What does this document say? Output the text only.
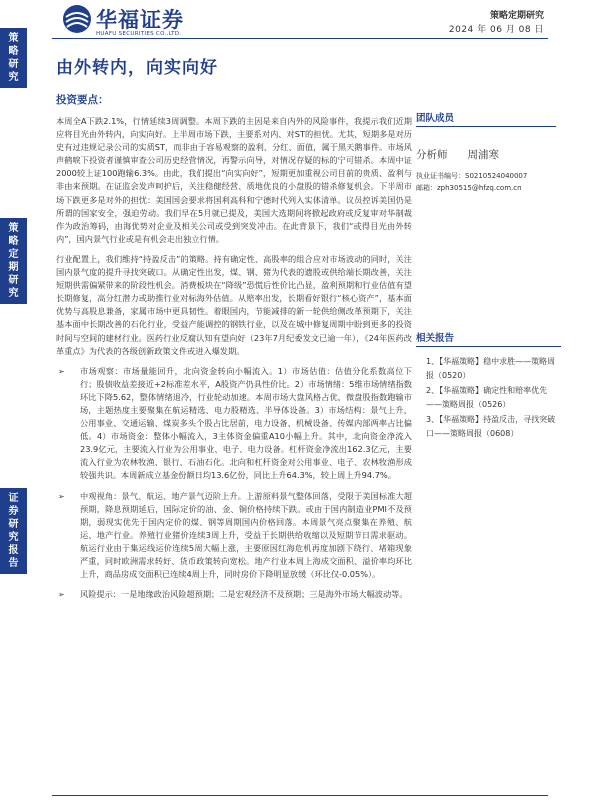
华福证券
HUAFU SECURITIES CO.,LTD.
策略定期研究
2024 年 06 月 08 日
策略研究
策略定期研究
证券研究报告
由外转内，向实向好
投资要点：

本周全A下跌2.1%，行情延续3周调整。本周下跌的主因是来自内外的风险事件，我提示我们近期应将目光由外转内，向实向好。上半周市场下跌，主要系对内、对ST的担忧。尤其，短期多是对历史有过违规记录公司的实质ST，而非由于容易观察的盈利、分红、面值，属于黑天鹅事件。市场风声鹤唳下投资者谨慎审查公司历史经营情况，再警示向导，对情况存疑的标的宁可错杀。本周中证2000较上证100跑输6.3%。由此，我们提出“向实向好”，短期更加重视公司目前的贵质、盈利与非由来预期。在证监会发声呵护后，关注稳健经营、质地优良的小盘股的错杀修复机会。下半周市场下跌更多是对外的担忧：美国国会要求将国利高科和宁德时代列入实体清单。议员控诉美国仍是所谓的国家安全，强迫劳动。我们早在5月就已提及，美国大选期间将掀起政府或反复审对华制裁作为政治筹码，由海优势对企业及相关公司或受到突发冲击。在此背景下，我们“或得目光由外转内”，国内景气行业或是有机会走出独立行情。

行业配置上，我们维持“持盈反击”的策略。持有确定性、高股率的组合应对市场波动的同时，关注国内景气度的提升寻找突破口。从确定性出发，煤、钢、猪为代表的遗股或供给端长期改善，关注短期供需偏紧带来的阶段性机会。消费板块在“降级”恐慌后性价比凸显，盈利预期和行业估值有望长期修复，高分红潜力或助推行业对标海外估值。从赔率出发，长期看好银行“核心资产”，基本面优势与高股息兼备，家属市场中更具韧性。着眼国内，节能减排的新一轮供给侧改革预期下，关注基本面中长期改善的石化行业，受益产能调控的钢铁行业，以及在城中修复周期中盼到更多的投资时间与空间的建材行业。医药行业反腐认知有望向好（23年7月纪委发文已逾一年），《24年医药改革重点》为代表的各级创新政策文件或进入爆发期。

➢ 市场观察：市场量能回升，北向资金转向小幅流入。1）市场估值：估值分化系数高位下行；股债收益差接近+2标准差水平，A股资产仍具性价比。2）市场情绪：5维市场情绪指数环比下降5.62，整体情绪退冷，行业轮动加速。本周市场大盘风格占优，微盘股指数跑输市场，主题热度主要聚集在航运精选、电力股精选、半导体设备。3）市场结构：景气上升，公用事业、交通运输、煤炭多头个股占比居前，电力设备、机械设备、传媒内部两率占比偏低。4）市场资金：整体小幅流入，3主体资金偏重A10小幅上升。其中，北向资金净流入23.9亿元，主要流入行业为公用事业、电子、电力设备。杠杆资金净流出162.3亿元，主要流入行业为农林牧渔、银行、石油石化。北向和杠杆资金对公用事业、电子、农林牧渔形成较强共识。本周新成立基金份额日均13.6亿份，同比上升64.3%，较上周上升94.7%。

➢ 中观视角：景气、航运、地产景气迈阶上升。上游原料景气整体回落，受限于美国标准大超预期，降息预期延后，国际定价的油、金、铜价格持续下跌。或由于国内制造业PMI不及预期，弱现实优先于国内定价的煤、钢等周期国内价格回落。本周景气亮点聚集在养殖、航运、地产行业。养殖行业猪价连续3周上升，受益于长期供给收缩以及短期节日需求驱动。航运行业由于集运线运价连续5周大幅上涨，主要原因红海危机再度加剧下绕行、堵箱现象严重，同时欧洲需求转好、货币政策转向宽松。地产行业本周上海成交面积、溢价率均环比上升，商品房成交面积已连续4周上升，同时房价下降明显放缓（环比仅-0.05%）。

➢ 风险提示：一是地缘政治风险超预期；二是宏观经济不及预期；三是海外市场大幅波动等。

团队成员
分析师 周浦寒
执业证书编号：S0210524040007
邮箱：zph30515@hfzq.com.cn
相关报告
1、【华福策略】稳中求胜——策略周报（0520）
2、【华福策略】确定性和赔率优先——策略周报（0526）
3、【华福策略】持盈反击，寻找突破口——策略周报（0608）
